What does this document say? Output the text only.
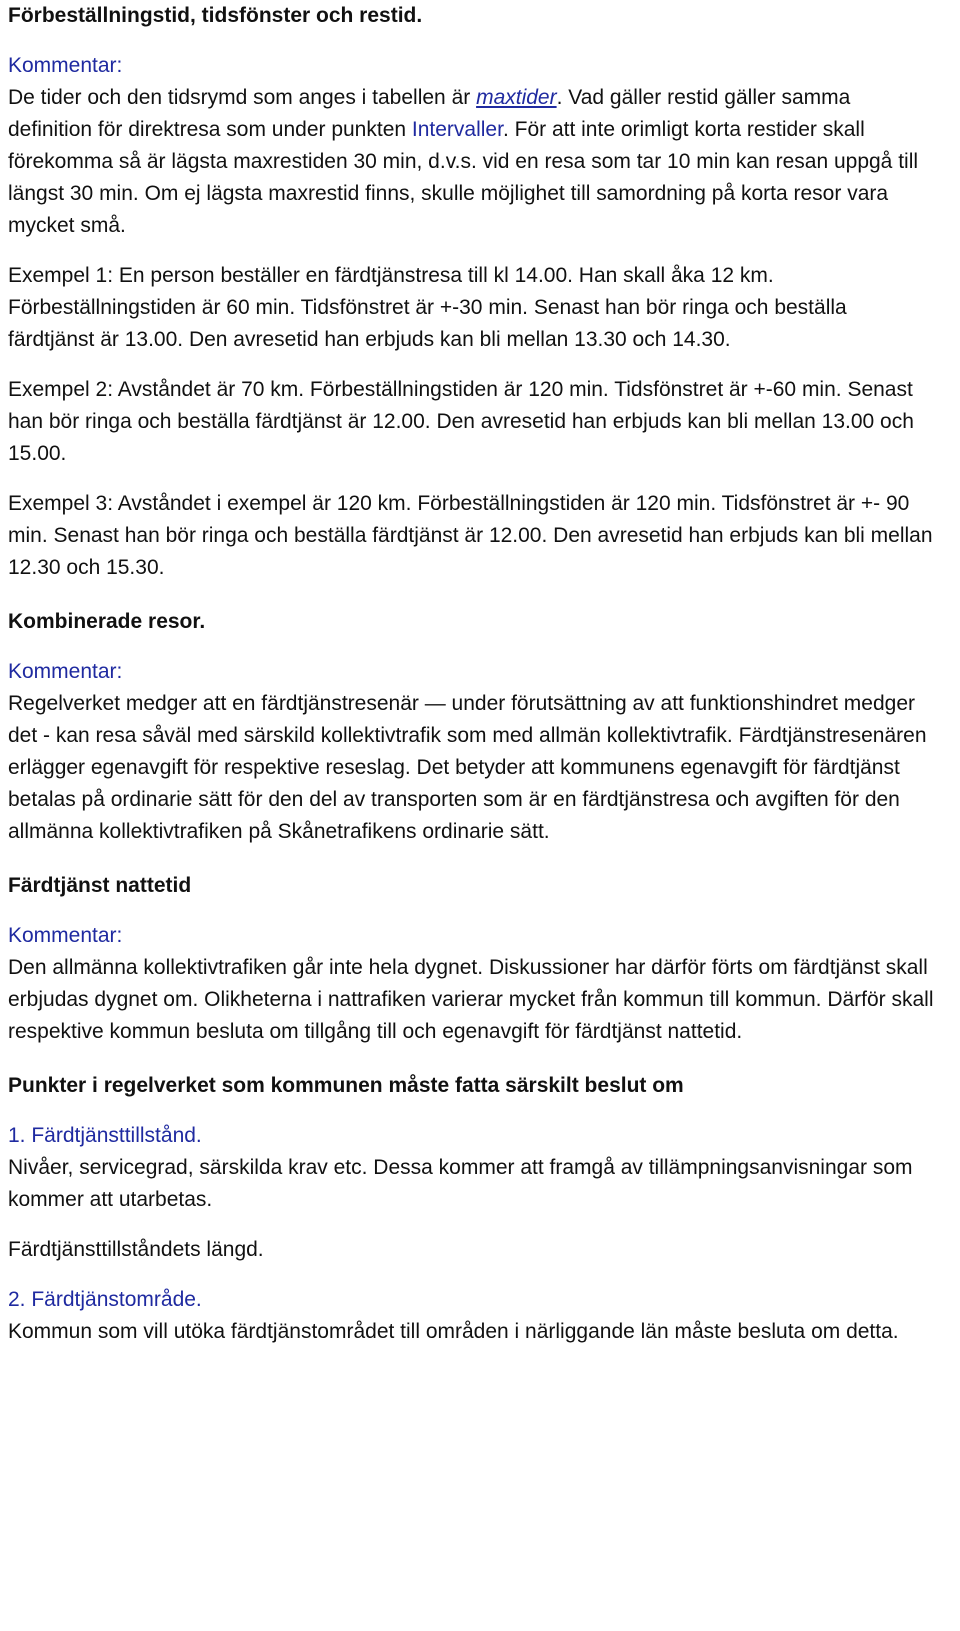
Förbeställningstid, tidsfönster och restid.

Kommentar:

De tider och den tidsrymd som anges i tabellen är maxtider. Vad gäller restid gäller samma definition för direktresa som under punkten Intervaller. För att inte orimligt korta restider skall förekomma så är lägsta maxrestiden 30 min, d.v.s. vid en resa som tar 10 min kan resan uppgå till längst 30 min. Om ej lägsta maxrestid finns, skulle möjlighet till samordning på korta resor vara mycket små.

Exempel 1: En person beställer en färdtjänstresa till kl 14.00. Han skall åka 12 km. Förbeställningstiden är 60 min. Tidsfönstret är +-30 min. Senast han bör ringa och beställa färdtjänst är 13.00. Den avresetid han erbjuds kan bli mellan 13.30 och 14.30.

Exempel 2: Avståndet är 70 km. Förbeställningstiden är 120 min. Tidsfönstret är +-60 min. Senast han bör ringa och beställa färdtjänst är 12.00. Den avresetid han erbjuds kan bli mellan 13.00 och 15.00.

Exempel 3: Avståndet i exempel är 120 km. Förbeställningstiden är 120 min. Tidsfönstret är +- 90 min. Senast han bör ringa och beställa färdtjänst är 12.00. Den avresetid han erbjuds kan bli mellan 12.30 och 15.30.

Kombinerade resor.

Kommentar:

Regelverket medger att en färdtjänstresenär — under förutsättning av att funktionshindret medger det - kan resa såväl med särskild kollektivtrafik som med allmän kollektivtrafik. Färdtjänstresenären erlägger egenavgift för respektive reseslag. Det betyder att kommunens egenavgift för färdtjänst betalas på ordinarie sätt för den del av transporten som är en färdtjänstresa och avgiften för den allmänna kollektivtrafiken på Skånetrafikens ordinarie sätt.

Färdtjänst nattetid

Kommentar:

Den allmänna kollektivtrafiken går inte hela dygnet. Diskussioner har därför förts om färdtjänst skall erbjudas dygnet om. Olikheterna i nattrafiken varierar mycket från kommun till kommun. Därför skall respektive kommun besluta om tillgång till och egenavgift för färdtjänst nattetid.

Punkter i regelverket som kommunen måste fatta särskilt beslut om

1. Färdtjänsttillstånd.

Nivåer, servicegrad, särskilda krav etc. Dessa kommer att framgå av tillämpningsanvisningar som kommer att utarbetas.

Färdtjänsttillståndets längd.

2. Färdtjänstområde.

Kommun som vill utöka färdtjänstområdet till områden i närliggande län måste besluta om detta.
